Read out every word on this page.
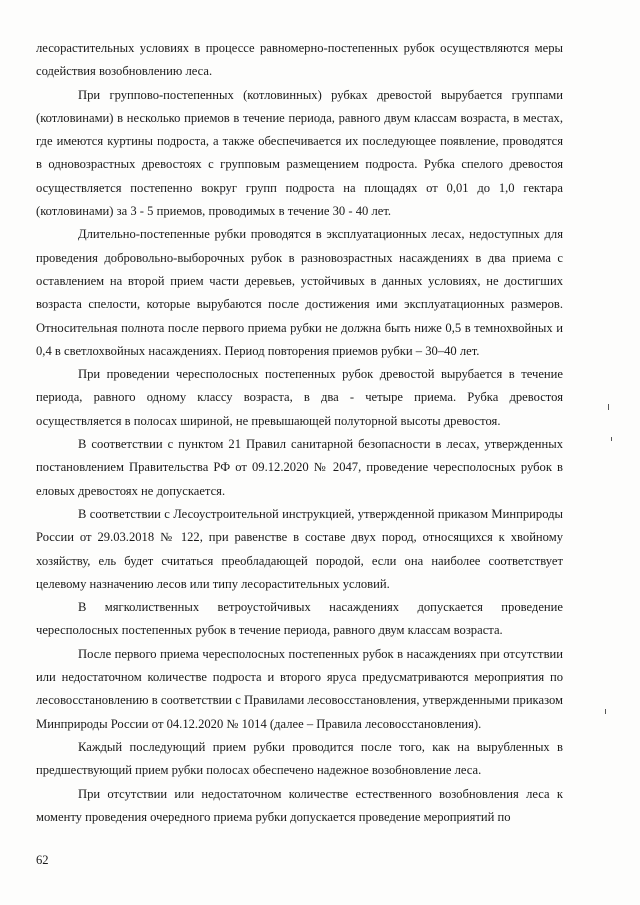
лесорастительных условиях в процессе равномерно-постепенных рубок осуществляются меры содействия возобновлению леса.

При группово-постепенных (котловинных) рубках древостой вырубается группами (котловинами) в несколько приемов в течение периода, равного двум классам возраста, в местах, где имеются куртины подроста, а также обеспечивается их последующее появление, проводятся в одновозрастных древостоях с групповым размещением подроста. Рубка спелого древостоя осуществляется постепенно вокруг групп подроста на площадях от 0,01 до 1,0 гектара (котловинами) за 3 - 5 приемов, проводимых в течение 30 - 40 лет.

Длительно-постепенные рубки проводятся в эксплуатационных лесах, недоступных для проведения добровольно-выборочных рубок в разновозрастных насаждениях в два приема с оставлением на второй прием части деревьев, устойчивых в данных условиях, не достигших возраста спелости, которые вырубаются после достижения ими эксплуатационных размеров. Относительная полнота после первого приема рубки не должна быть ниже 0,5 в темнохвойных и 0,4 в светлохвойных насаждениях. Период повторения приемов рубки – 30–40 лет.

При проведении чересполосных постепенных рубок древостой вырубается в течение периода, равного одному классу возраста, в два - четыре приема. Рубка древостоя осуществляется в полосах шириной, не превышающей полуторной высоты древостоя.

В соответствии с пунктом 21 Правил санитарной безопасности в лесах, утвержденных постановлением Правительства РФ от 09.12.2020 № 2047, проведение чересполосных рубок в еловых древостоях не допускается.

В соответствии с Лесоустроительной инструкцией, утвержденной приказом Минприроды России от 29.03.2018 № 122, при равенстве в составе двух пород, относящихся к хвойному хозяйству, ель будет считаться преобладающей породой, если она наиболее соответствует целевому назначению лесов или типу лесорастительных условий.

В мягколиственных ветроустойчивых насаждениях допускается проведение чересполосных постепенных рубок в течение периода, равного двум классам возраста.

После первого приема чересполосных постепенных рубок в насаждениях при отсутствии или недостаточном количестве подроста и второго яруса предусматриваются мероприятия по лесовосстановлению в соответствии с Правилами лесовосстановления, утвержденными приказом Минприроды России от 04.12.2020 № 1014 (далее – Правила лесовосстановления).

Каждый последующий прием рубки проводится после того, как на вырубленных в предшествующий прием рубки полосах обеспечено надежное возобновление леса.

При отсутствии или недостаточном количестве естественного возобновления леса к моменту проведения очередного приема рубки допускается проведение мероприятий по

62
